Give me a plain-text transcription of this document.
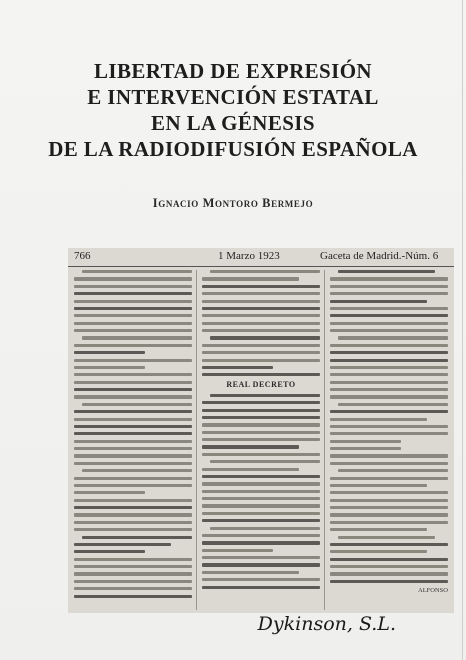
LIBERTAD DE EXPRESIÓN
E INTERVENCIÓN ESTATAL
EN LA GÉNESIS
DE LA RADIODIFUSIÓN ESPAÑOLA
Ignacio Montoro Bermejo
766	1 Marzo 1923	Gaceta de Madrid.-Núm. 6
REAL DECRETO
ALFONSO
Dykinson, S.L.
